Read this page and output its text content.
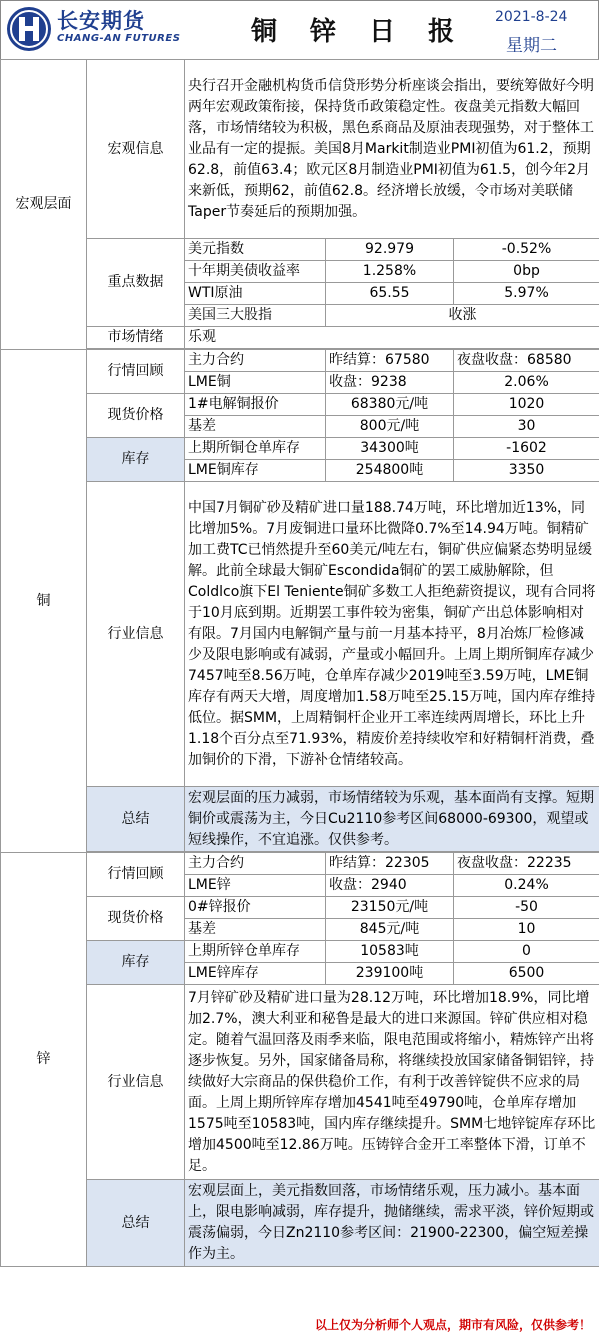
长安期货
CHANG-AN FUTURES	铜 锌 日 报 2021-8-24
星期二
宏观层面	宏观信息	央行召开金融机构货币信贷形势分析座谈会指出，要统筹做好今明两年宏观政策衔接，保持货币政策稳定性。夜盘美元指数大幅回落，市场情绪较为积极，黑色系商品及原油表现强势，对于整体工业品有一定的提振。美国8月Markit制造业PMI初值为61.2，预期62.8，前值63.4；欧元区8月制造业PMI初值为61.5，创今年2月来新低，预期62，前值62.8。经济增长放缓，令市场对美联储Taper节奏延后的预期加强。		
	重点数据	美元指数	92.979	-0.52%
		十年期美债收益率	1.258%	0bp
		WTI原油	65.55	5.97%
		美国三大股指	收涨	
	市场情绪	乐观		

铜	行情回顾	主力合约	昨结算：67580	夜盘收盘：68580
		LME铜	收盘：9238	2.06%
	现货价格	1#电解铜报价	68380元/吨	1020
		基差	800元/吨	30
	库存	上期所铜仓单库存	34300吨	-1602
		LME铜库存	254800吨	3350
	行业信息	中国7月铜矿砂及精矿进口量188.74万吨，环比增加近13%，同比增加5%。7月废铜进口量环比微降0.7%至14.94万吨。铜精矿加工费TC已悄然提升至60美元/吨左右，铜矿供应偏紧态势明显缓解。此前全球最大铜矿Escondida铜矿的罢工威胁解除，但Coldlco旗下El Teniente铜矿多数工人拒绝薪资提议，现有合同将于10月底到期。近期罢工事件较为密集，铜矿产出总体影响相对有限。7月国内电解铜产量与前一月基本持平，8月冶炼厂检修减少及限电影响或有减弱，产量或小幅回升。上周上期所铜库存减少7457吨至8.56万吨，仓单库存减少2019吨至3.59万吨，LME铜库存有两天大增，周度增加1.58万吨至25.15万吨，国内库存维持低位。据SMM，上周精铜杆企业开工率连续两周增长，环比上升1.18个百分点至71.93%，精废价差持续收窄和好精铜杆消费，叠加铜价的下滑，下游补仓情绪较高。		
	总结	宏观层面的压力减弱，市场情绪较为乐观，基本面尚有支撑。短期铜价或震荡为主，今日Cu2110参考区间68000-69300，观望或短线操作，不宜追涨。仅供参考。		

锌	行情回顾	主力合约	昨结算：22305	夜盘收盘：22235
		LME锌	收盘：2940	0.24%
	现货价格	0#锌报价	23150元/吨	-50
		基差	845元/吨	10
	库存	上期所锌仓单库存	10583吨	0
		LME锌库存	239100吨	6500
	行业信息	7月锌矿砂及精矿进口量为28.12万吨，环比增加18.9%，同比增加2.7%，澳大利亚和秘鲁是最大的进口来源国。锌矿供应相对稳定。随着气温回落及雨季来临，限电范围或将缩小，精炼锌产出将逐步恢复。另外，国家储备局称，将继续投放国家储备铜铝锌，持续做好大宗商品的保供稳价工作，有利于改善锌锭供不应求的局面。上周上期所锌库存增加4541吨至49790吨，仓单库存增加1575吨至10583吨，国内库存继续提升。SMM七地锌锭库存环比增加4500吨至12.86万吨。压铸锌合金开工率整体下滑，订单不足。		
	总结	宏观层面上，美元指数回落，市场情绪乐观，压力减小。基本面上，限电影响减弱，库存提升，抛储继续，需求平淡，锌价短期或震荡偏弱，今日Zn2110参考区间：21900-22300，偏空短差操作为主。		
以上仅为分析师个人观点，期市有风险，仅供参考！
